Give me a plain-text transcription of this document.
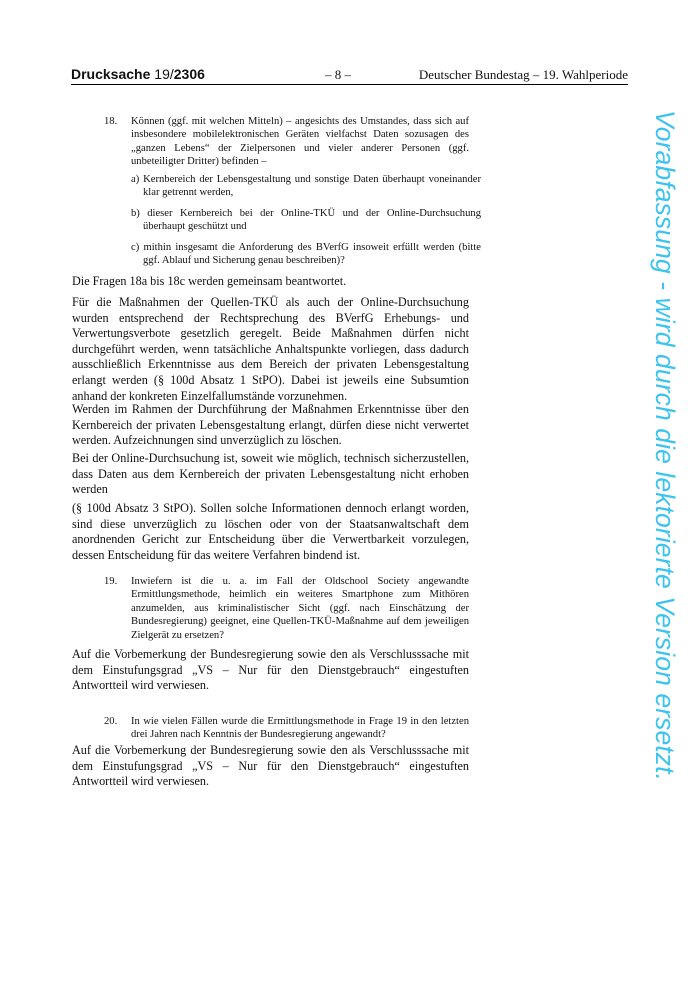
Drucksache 19/2306	– 8 –	Deutscher Bundestag – 19. Wahlperiode
18. Können (ggf. mit welchen Mitteln) – angesichts des Umstandes, dass sich auf insbesondere mobilelektronischen Geräten vielfachst Daten sozusagen des „ganzen Lebens“ der Zielpersonen und vieler anderer Personen (ggf. unbeteiligter Dritter) befinden –
a) Kernbereich der Lebensgestaltung und sonstige Daten überhaupt voneinander klar getrennt werden,
b) dieser Kernbereich bei der Online-TKÜ und der Online-Durchsuchung überhaupt geschützt und
c) mithin insgesamt die Anforderung des BVerfG insoweit erfüllt werden (bitte ggf. Ablauf und Sicherung genau beschreiben)?
Die Fragen 18a bis 18c werden gemeinsam beantwortet.
Für die Maßnahmen der Quellen-TKÜ als auch der Online-Durchsuchung wurden entsprechend der Rechtsprechung des BVerfG Erhebungs- und Verwertungsverbote gesetzlich geregelt. Beide Maßnahmen dürfen nicht durchgeführt werden, wenn tatsächliche Anhaltspunkte vorliegen, dass dadurch ausschließlich Erkenntnisse aus dem Bereich der privaten Lebensgestaltung erlangt werden (§ 100d Absatz 1 StPO). Dabei ist jeweils eine Subsumtion anhand der konkreten Einzelfallumstände vorzunehmen.
Werden im Rahmen der Durchführung der Maßnahmen Erkenntnisse über den Kernbereich der privaten Lebensgestaltung erlangt, dürfen diese nicht verwertet werden. Aufzeichnungen sind unverzüglich zu löschen.
Bei der Online-Durchsuchung ist, soweit wie möglich, technisch sicherzustellen, dass Daten aus dem Kernbereich der privaten Lebensgestaltung nicht erhoben werden
(§ 100d Absatz 3 StPO). Sollen solche Informationen dennoch erlangt worden, sind diese unverzüglich zu löschen oder von der Staatsanwaltschaft dem anordnenden Gericht zur Entscheidung über die Verwertbarkeit vorzulegen, dessen Entscheidung für das weitere Verfahren bindend ist.
19. Inwiefern ist die u. a. im Fall der Oldschool Society angewandte Ermittlungsmethode, heimlich ein weiteres Smartphone zum Mithören anzumelden, aus kriminalistischer Sicht (ggf. nach Einschätzung der Bundesregierung) geeignet, eine Quellen-TKÜ-Maßnahme auf dem jeweiligen Zielgerät zu ersetzen?
Auf die Vorbemerkung der Bundesregierung sowie den als Verschlusssache mit dem Einstufungsgrad „VS – Nur für den Dienstgebrauch“ eingestuften Antwortteil wird verwiesen.
20. In wie vielen Fällen wurde die Ermittlungsmethode in Frage 19 in den letzten drei Jahren nach Kenntnis der Bundesregierung angewandt?
Auf die Vorbemerkung der Bundesregierung sowie den als Verschlusssache mit dem Einstufungsgrad „VS – Nur für den Dienstgebrauch“ eingestuften Antwortteil wird verwiesen.
Vorabfassung - wird durch die lektorierte Version ersetzt.
